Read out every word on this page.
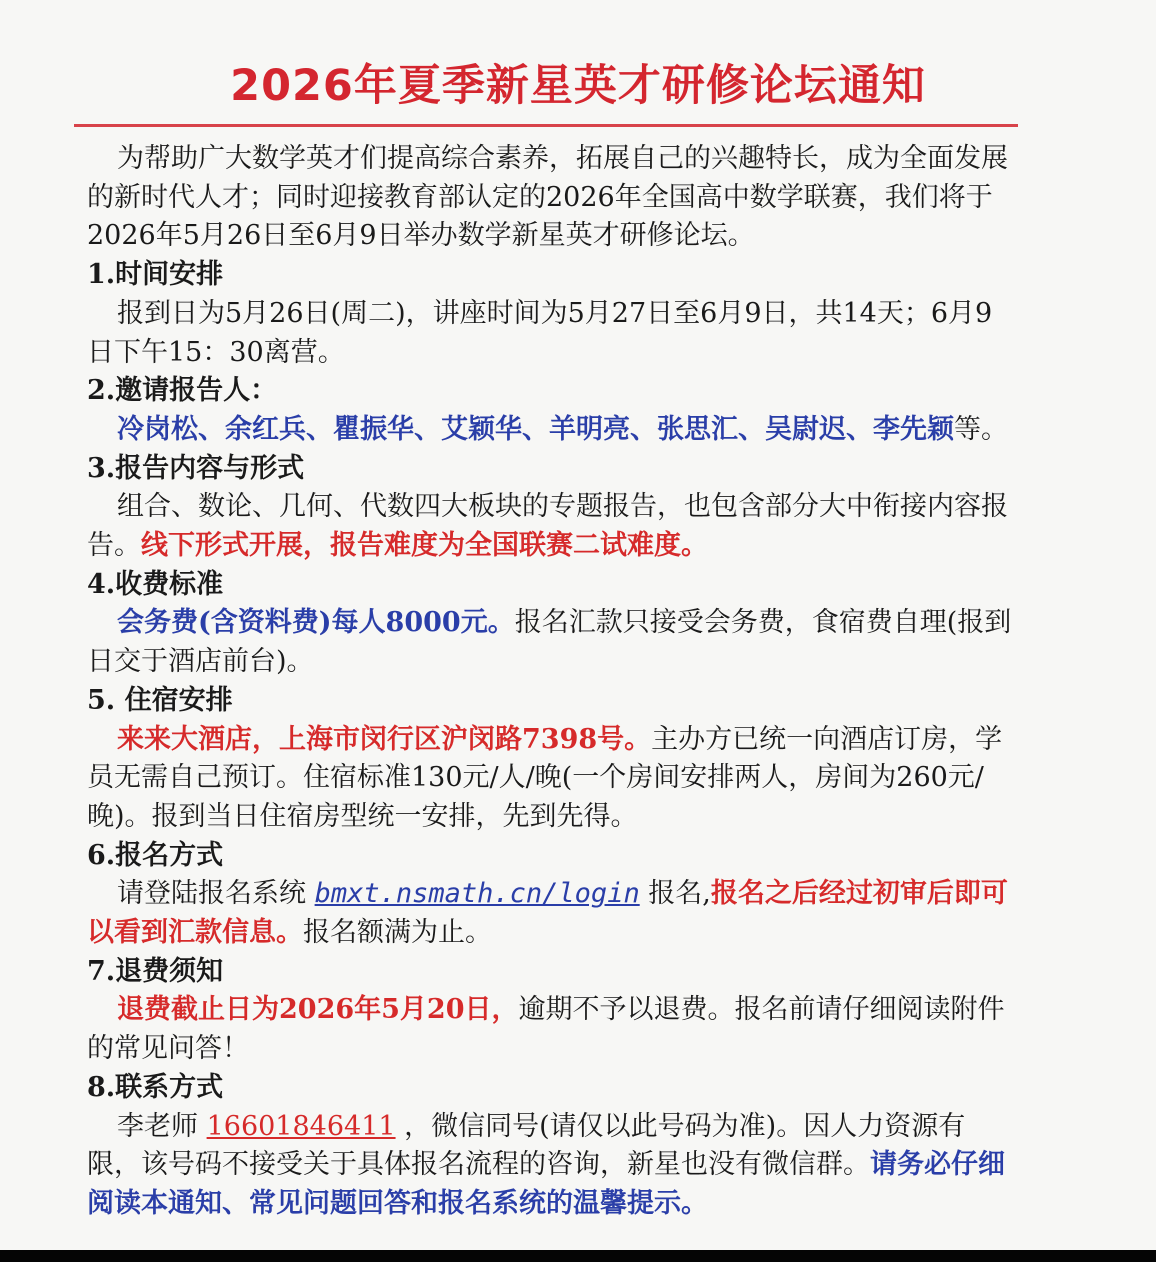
2026年夏季新星英才研修论坛通知

为帮助广大数学英才们提高综合素养，拓展自己的兴趣特长，成为全面发展的新时代人才；同时迎接教育部认定的2026年全国高中数学联赛，我们将于2026年5月26日至6月9日举办数学新星英才研修论坛。

1.时间安排

报到日为5月26日(周二)，讲座时间为5月27日至6月9日，共14天；6月9日下午15：30离营。

2.邀请报告人：

冷岗松、余红兵、瞿振华、艾颖华、羊明亮、张思汇、吴尉迟、李先颖等。

3.报告内容与形式

组合、数论、几何、代数四大板块的专题报告，也包含部分大中衔接内容报告。线下形式开展，报告难度为全国联赛二试难度。

4.收费标准

会务费(含资料费)每人8000元。报名汇款只接受会务费，食宿费自理(报到日交于酒店前台)。

5. 住宿安排

来来大酒店，上海市闵行区沪闵路7398号。主办方已统一向酒店订房，学员无需自己预订。住宿标准130元/人/晚(一个房间安排两人，房间为260元/晚)。报到当日住宿房型统一安排，先到先得。

6.报名方式

请登陆报名系统 bmxt.nsmath.cn/login 报名,报名之后经过初审后即可以看到汇款信息。报名额满为止。

7.退费须知

退费截止日为2026年5月20日，逾期不予以退费。报名前请仔细阅读附件的常见问答！

8.联系方式

李老师 16601846411 ，微信同号(请仅以此号码为准)。因人力资源有限，该号码不接受关于具体报名流程的咨询，新星也没有微信群。请务必仔细阅读本通知、常见问题回答和报名系统的温馨提示。
